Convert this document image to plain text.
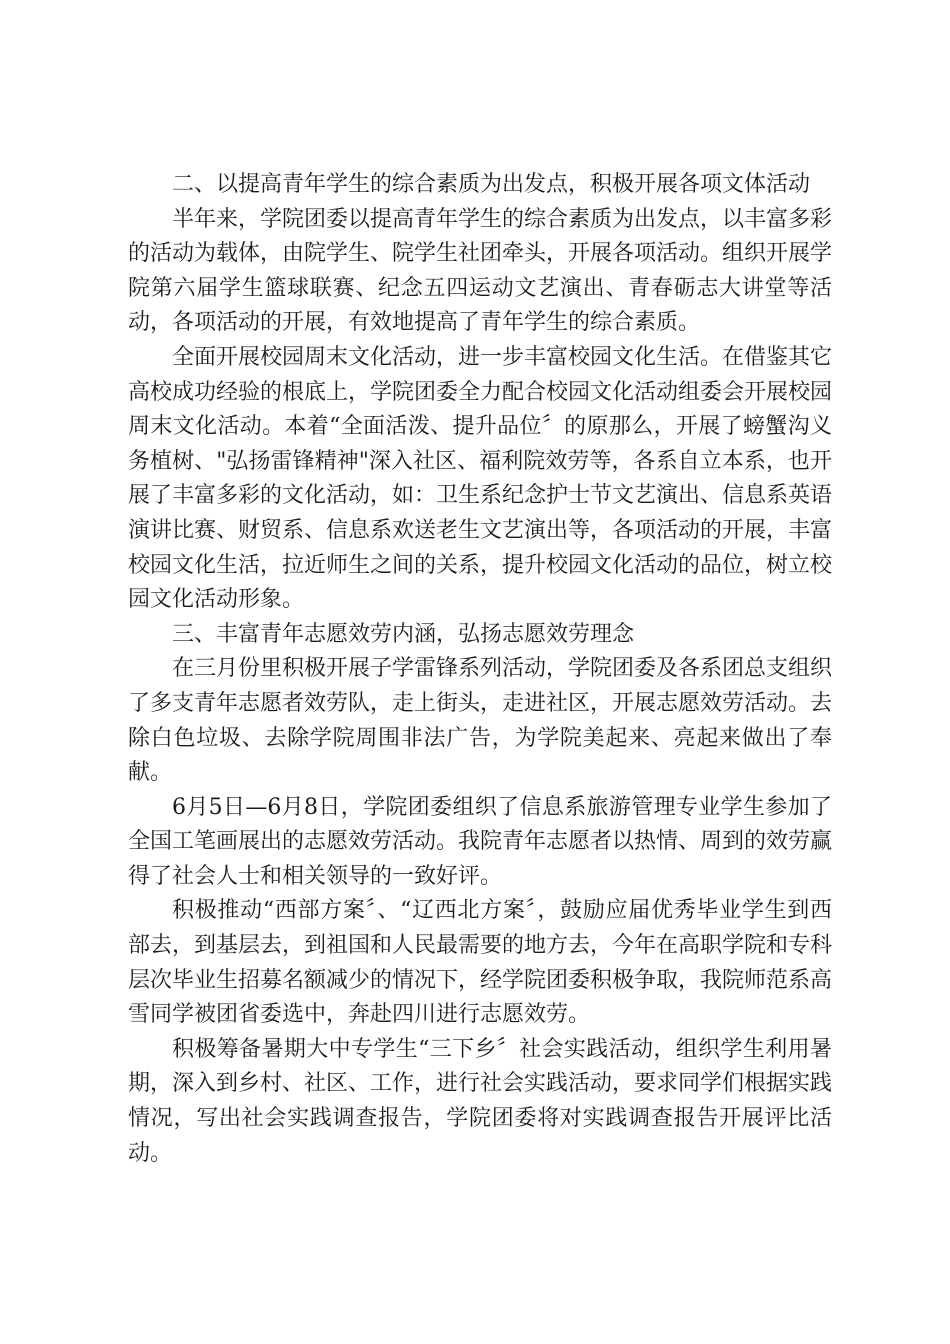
二、以提高青年学生的综合素质为出发点，积极开展各项文体活动

半年来，学院团委以提高青年学生的综合素质为出发点，以丰富多彩的活动为载体，由院学生、院学生社团牵头，开展各项活动。组织开展学院第六届学生篮球联赛、纪念五四运动文艺演出、青春砺志大讲堂等活动，各项活动的开展，有效地提高了青年学生的综合素质。

全面开展校园周末文化活动，进一步丰富校园文化生活。在借鉴其它高校成功经验的根底上，学院团委全力配合校园文化活动组委会开展校园周末文化活动。本着“全面活泼、提升品位〞的原那么，开展了螃蟹沟义务植树、"弘扬雷锋精神"深入社区、福利院效劳等，各系自立本系，也开展了丰富多彩的文化活动，如：卫生系纪念护士节文艺演出、信息系英语演讲比赛、财贸系、信息系欢送老生文艺演出等，各项活动的开展，丰富校园文化生活，拉近师生之间的关系，提升校园文化活动的品位，树立校园文化活动形象。

三、丰富青年志愿效劳内涵，弘扬志愿效劳理念

在三月份里积极开展子学雷锋系列活动，学院团委及各系团总支组织了多支青年志愿者效劳队，走上街头，走进社区，开展志愿效劳活动。去除白色垃圾、去除学院周围非法广告，为学院美起来、亮起来做出了奉献。

6月5日—6月8日，学院团委组织了信息系旅游管理专业学生参加了全国工笔画展出的志愿效劳活动。我院青年志愿者以热情、周到的效劳赢得了社会人士和相关领导的一致好评。

积极推动“西部方案〞、“辽西北方案〞，鼓励应届优秀毕业学生到西部去，到基层去，到祖国和人民最需要的地方去，今年在高职学院和专科层次毕业生招募名额减少的情况下，经学院团委积极争取，我院师范系高雪同学被团省委选中，奔赴四川进行志愿效劳。

积极筹备暑期大中专学生“三下乡〞社会实践活动，组织学生利用暑期，深入到乡村、社区、工作，进行社会实践活动，要求同学们根据实践情况，写出社会实践调查报告，学院团委将对实践调查报告开展评比活动。
